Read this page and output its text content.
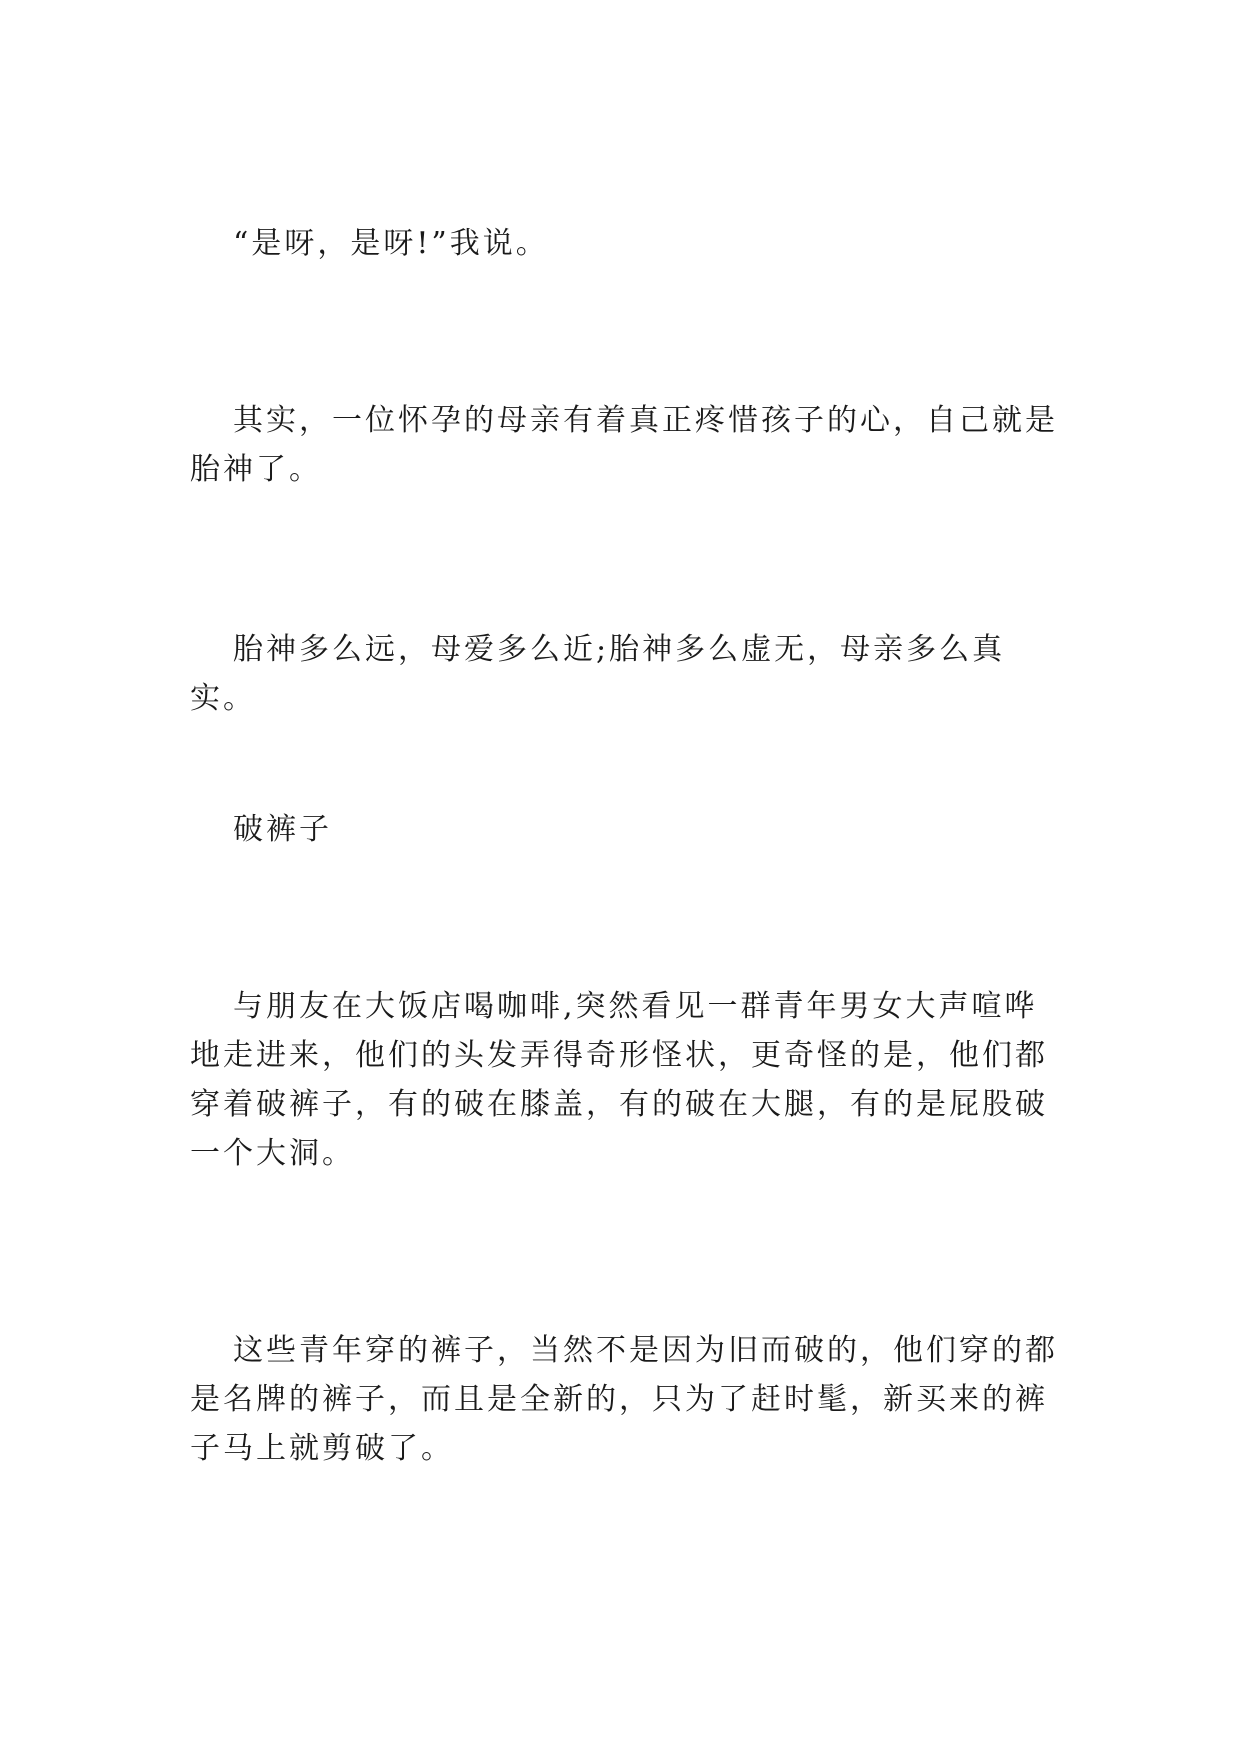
“是呀，是呀!”我说。

其实，一位怀孕的母亲有着真正疼惜孩子的心，自己就是胎神了。

胎神多么远，母爱多么近;胎神多么虚无，母亲多么真实。

破裤子

与朋友在大饭店喝咖啡,突然看见一群青年男女大声喧哗地走进来，他们的头发弄得奇形怪状，更奇怪的是，他们都穿着破裤子，有的破在膝盖，有的破在大腿，有的是屁股破一个大洞。

这些青年穿的裤子，当然不是因为旧而破的，他们穿的都是名牌的裤子，而且是全新的，只为了赶时髦，新买来的裤子马上就剪破了。
